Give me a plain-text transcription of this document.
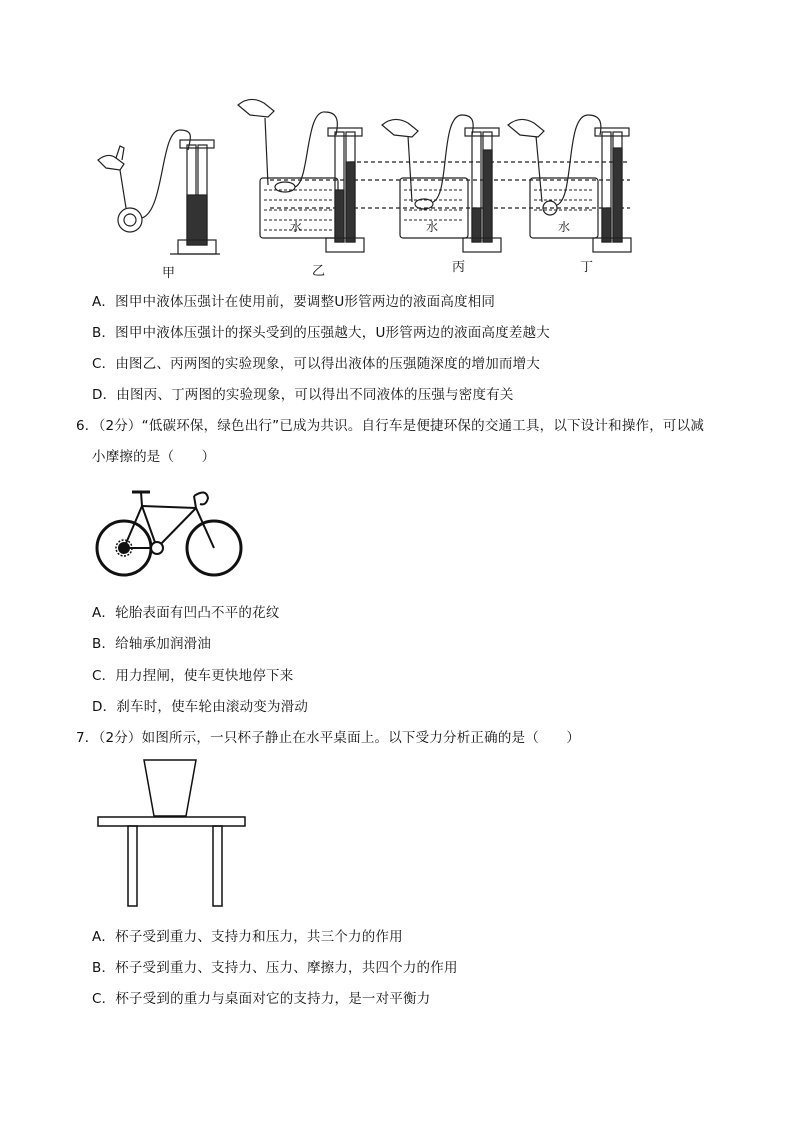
水	水	水
甲	乙	丙	丁
A．图甲中液体压强计在使用前，要调整U形管两边的液面高度相同
B．图甲中液体压强计的探头受到的压强越大，U形管两边的液面高度差越大
C．由图乙、丙两图的实验现象，可以得出液体的压强随深度的增加而增大
D．由图丙、丁两图的实验现象，可以得出不同液体的压强与密度有关
6．（2分）“低碳环保，绿色出行”已成为共识。自行车是便捷环保的交通工具，以下设计和操作，可以减
小摩擦的是（　　）
A．轮胎表面有凹凸不平的花纹
B．给轴承加润滑油
C．用力捏闸，使车更快地停下来
D．刹车时，使车轮由滚动变为滑动
7．（2分）如图所示，一只杯子静止在水平桌面上。以下受力分析正确的是（　　）
A．杯子受到重力、支持力和压力，共三个力的作用
B．杯子受到重力、支持力、压力、摩擦力，共四个力的作用
C．杯子受到的重力与桌面对它的支持力，是一对平衡力
